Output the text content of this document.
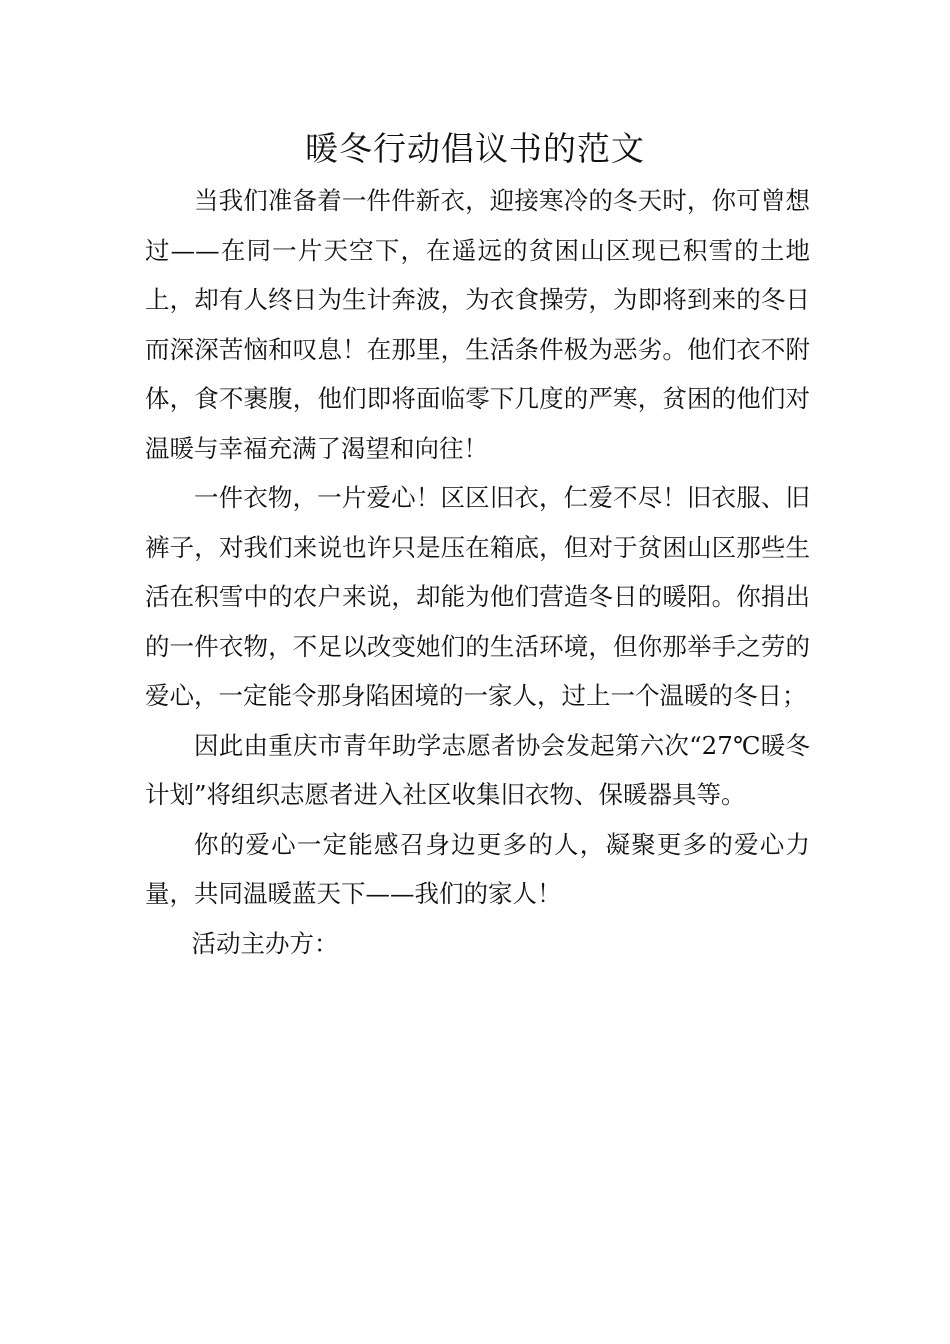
暖冬行动倡议书的范文

当我们准备着一件件新衣，迎接寒冷的冬天时，你可曾想过——在同一片天空下，在遥远的贫困山区现已积雪的土地上，却有人终日为生计奔波，为衣食操劳，为即将到来的冬日而深深苦恼和叹息！在那里，生活条件极为恶劣。他们衣不附体，食不裹腹，他们即将面临零下几度的严寒，贫困的他们对温暖与幸福充满了渴望和向往！

一件衣物，一片爱心！区区旧衣，仁爱不尽！旧衣服、旧裤子，对我们来说也许只是压在箱底，但对于贫困山区那些生活在积雪中的农户来说，却能为他们营造冬日的暖阳。你捐出的一件衣物，不足以改变她们的生活环境，但你那举手之劳的爱心，一定能令那身陷困境的一家人，过上一个温暖的冬日；

因此由重庆市青年助学志愿者协会发起第六次“27℃暖冬计划”将组织志愿者进入社区收集旧衣物、保暖器具等。

你的爱心一定能感召身边更多的人，凝聚更多的爱心力量，共同温暖蓝天下——我们的家人！

活动主办方：
